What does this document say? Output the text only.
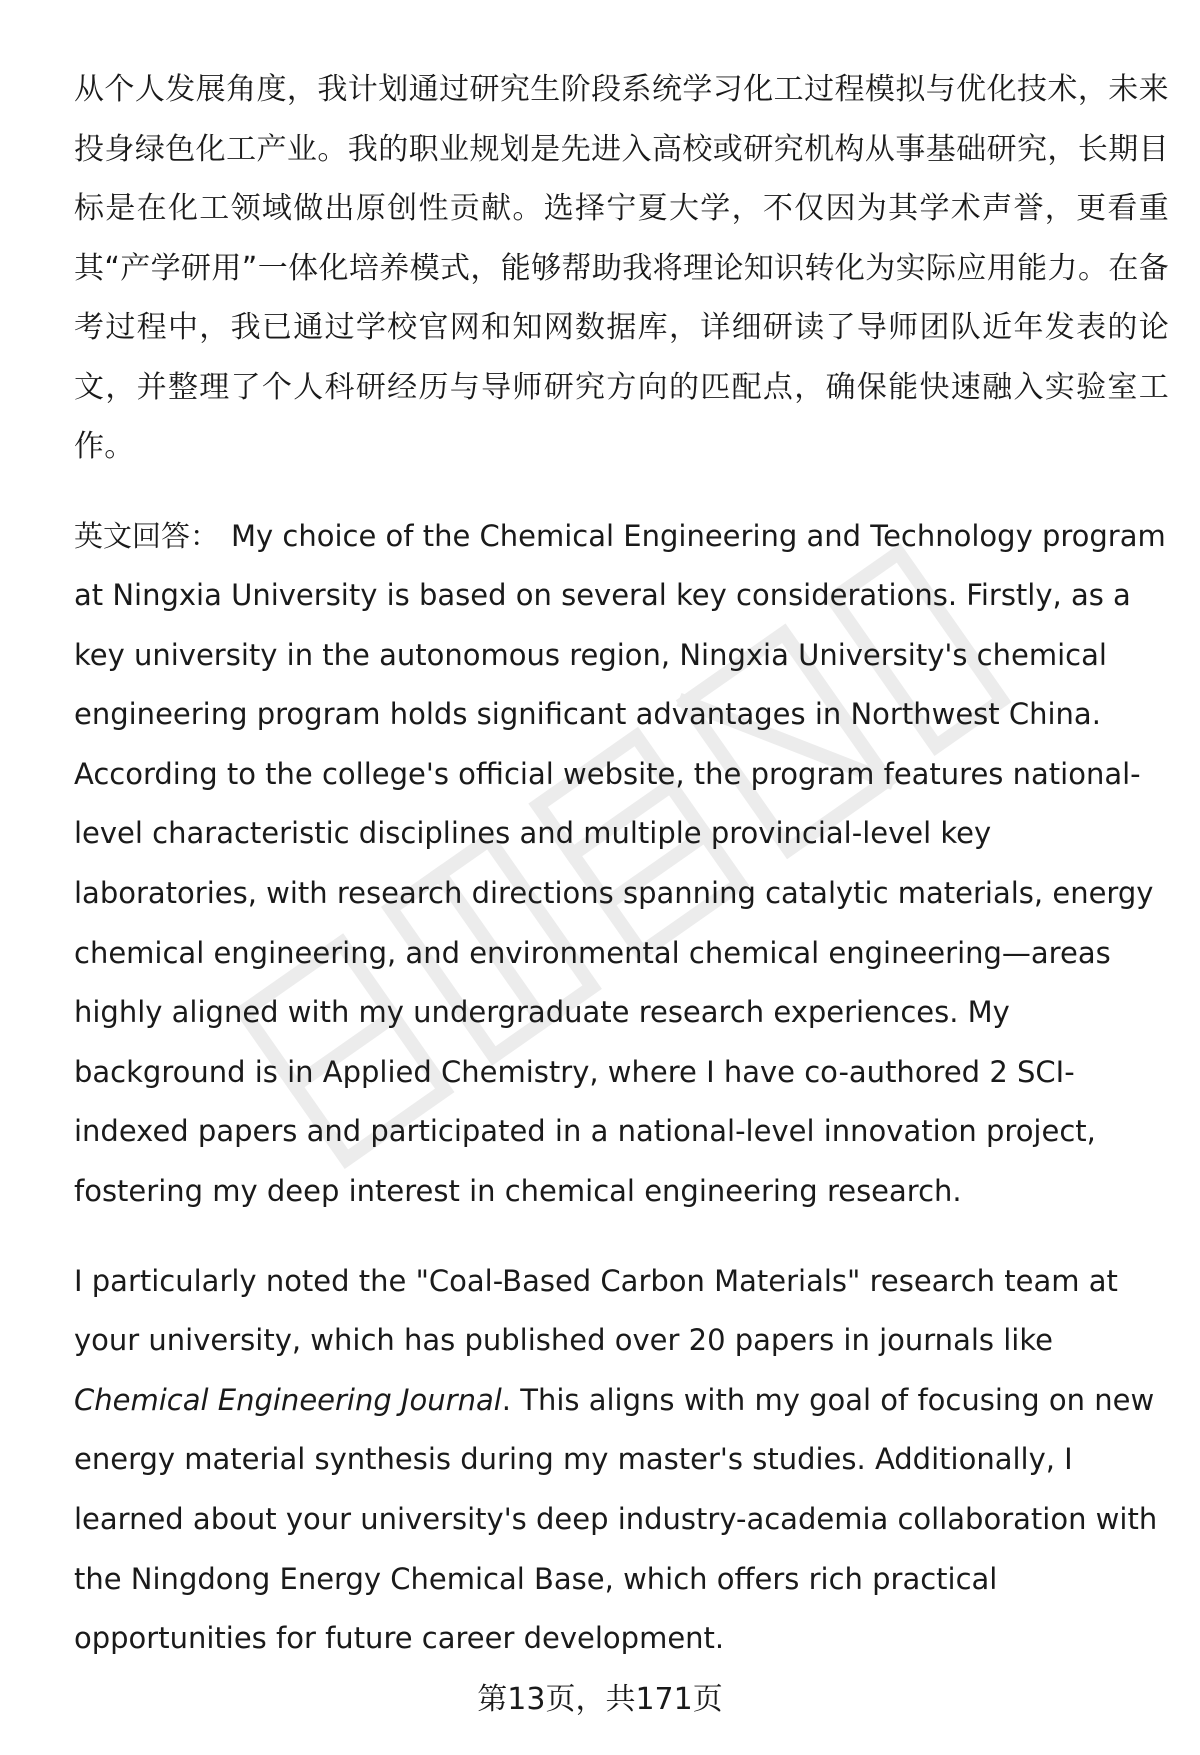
从个人发展角度，我计划通过研究生阶段系统学习化工过程模拟与优化技术，未来投身绿色化工产业。我的职业规划是先进入高校或研究机构从事基础研究，长期目标是在化工领域做出原创性贡献。选择宁夏大学，不仅因为其学术声誉，更看重其“产学研用”一体化培养模式，能够帮助我将理论知识转化为实际应用能力。在备考过程中，我已通过学校官网和知网数据库，详细研读了导师团队近年发表的论文，并整理了个人科研经历与导师研究方向的匹配点，确保能快速融入实验室工作。

英文回答： My choice of the Chemical Engineering and Technology program at Ningxia University is based on several key considerations. Firstly, as a key university in the autonomous region, Ningxia University's chemical engineering program holds significant advantages in Northwest China. According to the college's official website, the program features national-level characteristic disciplines and multiple provincial-level key laboratories, with research directions spanning catalytic materials, energy chemical engineering, and environmental chemical engineering—areas highly aligned with my undergraduate research experiences. My background is in Applied Chemistry, where I have co-authored 2 SCI-indexed papers and participated in a national-level innovation project, fostering my deep interest in chemical engineering research.

I particularly noted the "Coal-Based Carbon Materials" research team at your university, which has published over 20 papers in journals like Chemical Engineering Journal. This aligns with my goal of focusing on new energy material synthesis during my master's studies. Additionally, I learned about your university's deep industry-academia collaboration with the Ningdong Energy Chemical Base, which offers rich practical opportunities for future career development.

第13页，共171页
